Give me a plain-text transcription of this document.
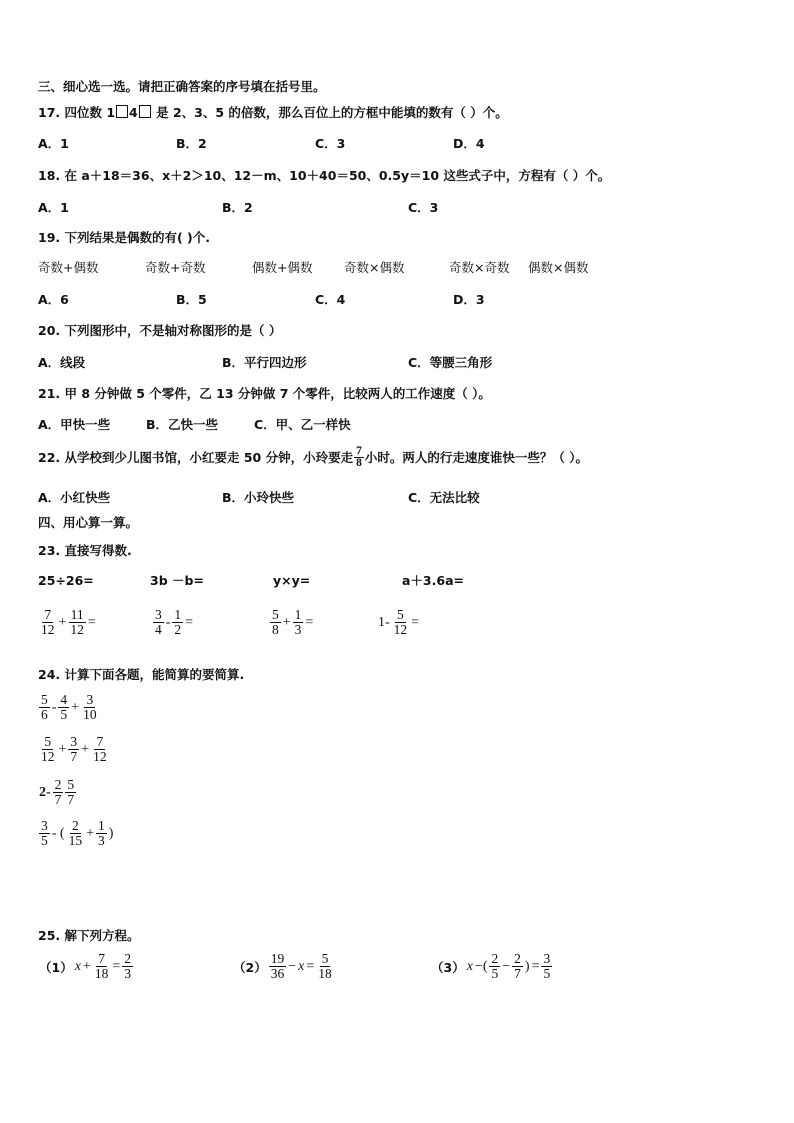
三、细心选一选。请把正确答案的序号填在括号里。
17. 四位数 1 4 是 2、3、5 的倍数，那么百位上的方框中能填的数有（ ）个。
A．1	B．2	C．3	D．4
18. 在 a＋18＝36、x＋2＞10、12－m、10＋40＝50、0.5y＝10 这些式子中，方程有（ ）个。
A．1	B．2	C．3
19. 下列结果是偶数的有( )个.
奇数+偶数	奇数+奇数	偶数+偶数	奇数×偶数	奇数×奇数 偶数×偶数
A．6	B．5	C．4	D．3
20. 下列图形中，不是轴对称图形的是（ ）
A．线段	B．平行四边形	C．等腰三角形
21. 甲 8 分钟做 5 个零件，乙 13 分钟做 7 个零件，比较两人的工作速度（ ）。
A．甲快一些	B．乙快一些	C．甲、乙一样快
22. 从学校到少儿图书馆，小红要走 50 分钟，小玲要走 $\frac{7}{8}$ 小时。两人的行走速度谁快一些？（ ）。
A．小红快些	B．小玲快些	C．无法比较
四、用心算一算。
23. 直接写得数.
25÷26=	3b －b=	y×y=	a＋3.6a=
$\frac{7}{12} + \frac{11}{12}$ =	$\frac{3}{4} - \frac{1}{2}$ =	$\frac{5}{8} + \frac{1}{3}$ =	$1- \frac{5}{12}$ =
24. 计算下面各题，能简算的要简算.
$\frac{5}{6} - \frac{4}{5} + \frac{3}{10}$
$\frac{5}{12} + \frac{3}{7} + \frac{7}{12}$
$2- \frac{2}{7} \frac{5}{7}$
$\frac{3}{5}$ - ( $\frac{2}{15} + \frac{1}{3}$ )
25. 解下列方程。
（1） $x + \frac{7}{18} = \frac{2}{3}$	$(2) \frac{19}{36} - x = \frac{5}{18}$	（3） x −( $\frac{2}{5} - \frac{2}{7}$ ) = $\frac{3}{5}$
